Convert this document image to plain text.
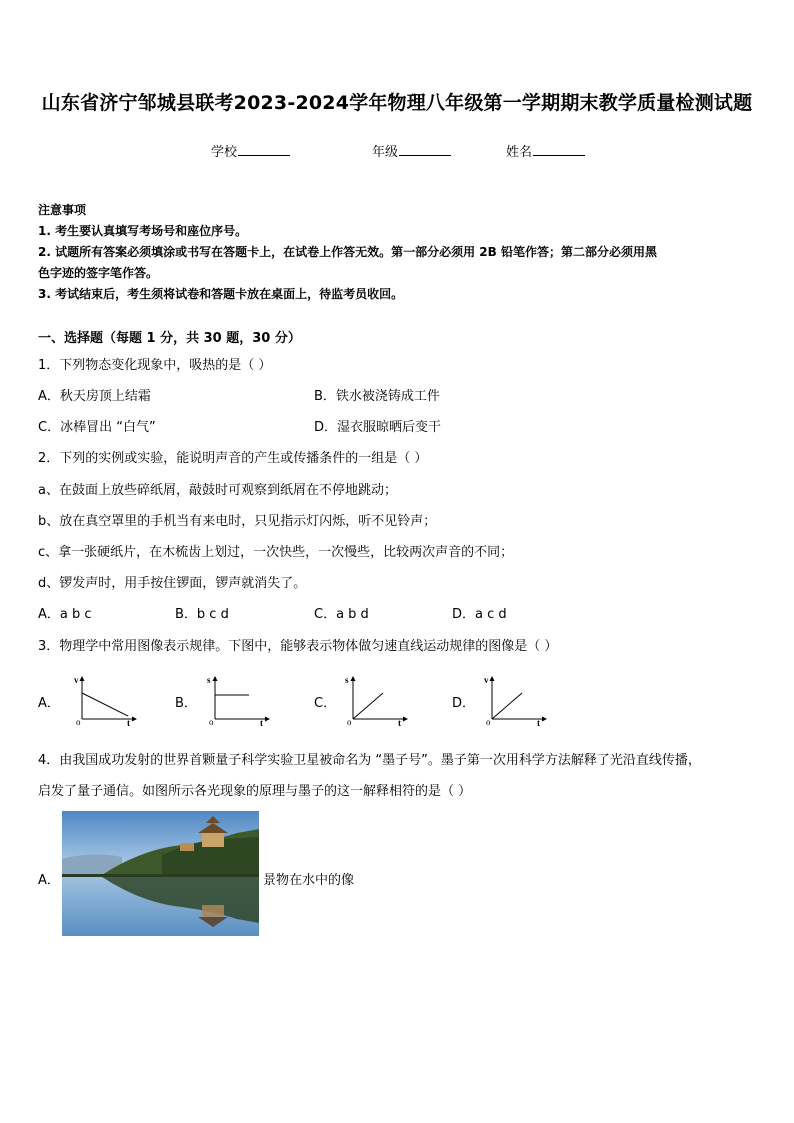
山东省济宁邹城县联考2023-2024学年物理八年级第一学期期末教学质量检测试题
学校	年级	姓名
注意事项
1. 考生要认真填写考场号和座位序号。
2. 试题所有答案必须填涂或书写在答题卡上，在试卷上作答无效。第一部分必须用 2B 铅笔作答；第二部分必须用黑
色字迹的签字笔作答。
3. 考试结束后，考生须将试卷和答题卡放在桌面上，待监考员收回。
一、选择题（每题 1 分，共 30 题，30 分）
1．下列物态变化现象中，吸热的是（ ）
A．秋天房顶上结霜	B．铁水被浇铸成工件
C．冰棒冒出 “白气”	D．湿衣服晾晒后变干
2．下列的实例或实验，能说明声音的产生或传播条件的一组是（ ）
a、在鼓面上放些碎纸屑，敲鼓时可观察到纸屑在不停地跳动；
b、放在真空罩里的手机当有来电时，只见指示灯闪烁，听不见铃声；
c、拿一张硬纸片，在木梳齿上划过，一次快些，一次慢些，比较两次声音的不同；
d、锣发声时，用手按住锣面，锣声就消失了。
A．a b c	B．b c d	C．a b d	D．a c d
3．物理学中常用图像表示规律。下图中，能够表示物体做匀速直线运动规律的图像是（ ）
A．
v
t
o
B．
s
t
o
C．
s
t
o
D．
v
t
o
4．由我国成功发射的世界首颗量子科学实验卫星被命名为 “墨子号”。墨子第一次用科学方法解释了光沿直线传播，
启发了量子通信。如图所示各光现象的原理与墨子的这一解释相符的是（ ）
A．	景物在水中的像
